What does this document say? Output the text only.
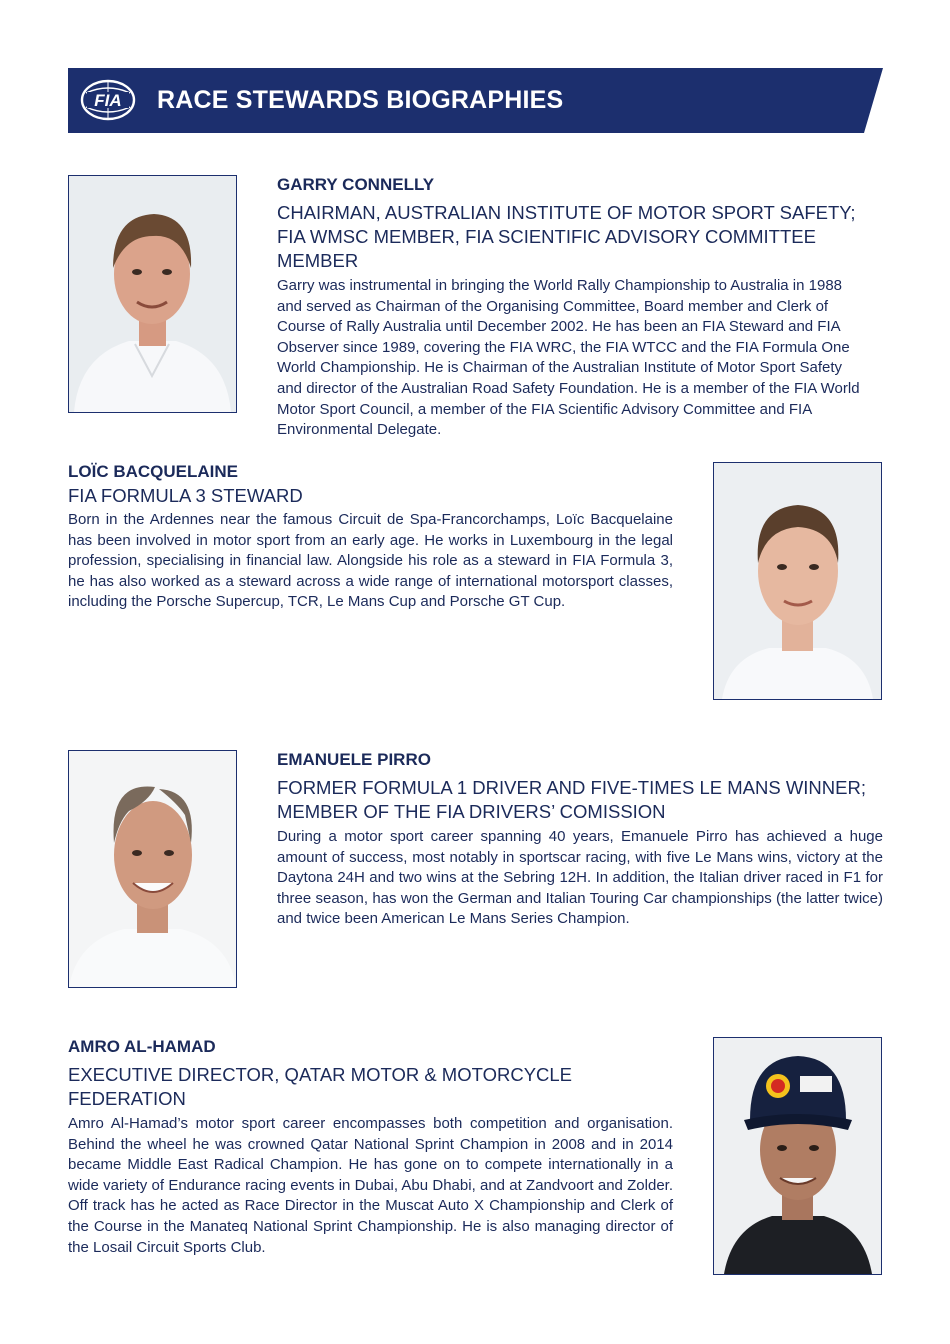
FIA RACE STEWARDS BIOGRAPHIES

GARRY CONNELLY

CHAIRMAN, AUSTRALIAN INSTITUTE OF MOTOR SPORT SAFETY; FIA WMSC MEMBER, FIA SCIENTIFIC ADVISORY COMMITTEE MEMBER

Garry was instrumental in bringing the World Rally Championship to Australia in 1988 and served as Chairman of the Organising Committee, Board member and Clerk of Course of Rally Australia until December 2002. He has been an FIA Steward and FIA Observer since 1989, covering the FIA WRC, the FIA WTCC and the FIA Formula One World Championship. He is Chairman of the Australian Institute of Motor Sport Safety and director of the Australian Road Safety Foundation. He is a member of the FIA World Motor Sport Council, a member of the FIA Scientific Advisory Committee and FIA Environmental Delegate.

LOÏC BACQUELAINE

FIA FORMULA 3 STEWARD

Born in the Ardennes near the famous Circuit de Spa-Francorchamps, Loïc Bacquelaine has been involved in motor sport from an early age. He works in Luxembourg in the legal profession, specialising in financial law. Alongside his role as a steward in FIA Formula 3, he has also worked as a steward across a wide range of international motorsport classes, including the Porsche Supercup, TCR, Le Mans Cup and Porsche GT Cup.

EMANUELE PIRRO

FORMER FORMULA 1 DRIVER AND FIVE-TIMES LE MANS WINNER; MEMBER OF THE FIA DRIVERS’ COMISSION

During a motor sport career spanning 40 years, Emanuele Pirro has achieved a huge amount of success, most notably in sportscar racing, with five Le Mans wins, victory at the Daytona 24H and two wins at the Sebring 12H. In addition, the Italian driver raced in F1 for three season, has won the German and Italian Touring Car championships (the latter twice) and twice been American Le Mans Series Champion.

AMRO AL-HAMAD

EXECUTIVE DIRECTOR, QATAR MOTOR & MOTORCYCLE FEDERATION

Amro Al-Hamad’s motor sport career encompasses both competition and organisation. Behind the wheel he was crowned Qatar National Sprint Champion in 2008 and in 2014 became Middle East Radical Champion. He has gone on to compete internationally in a wide variety of Endurance racing events in Dubai, Abu Dhabi, and at Zandvoort and Zolder. Off track has he acted as Race Director in the Muscat Auto X Championship and Clerk of the Course in the Manateq National Sprint Championship. He is also managing director of the Losail Circuit Sports Club.
